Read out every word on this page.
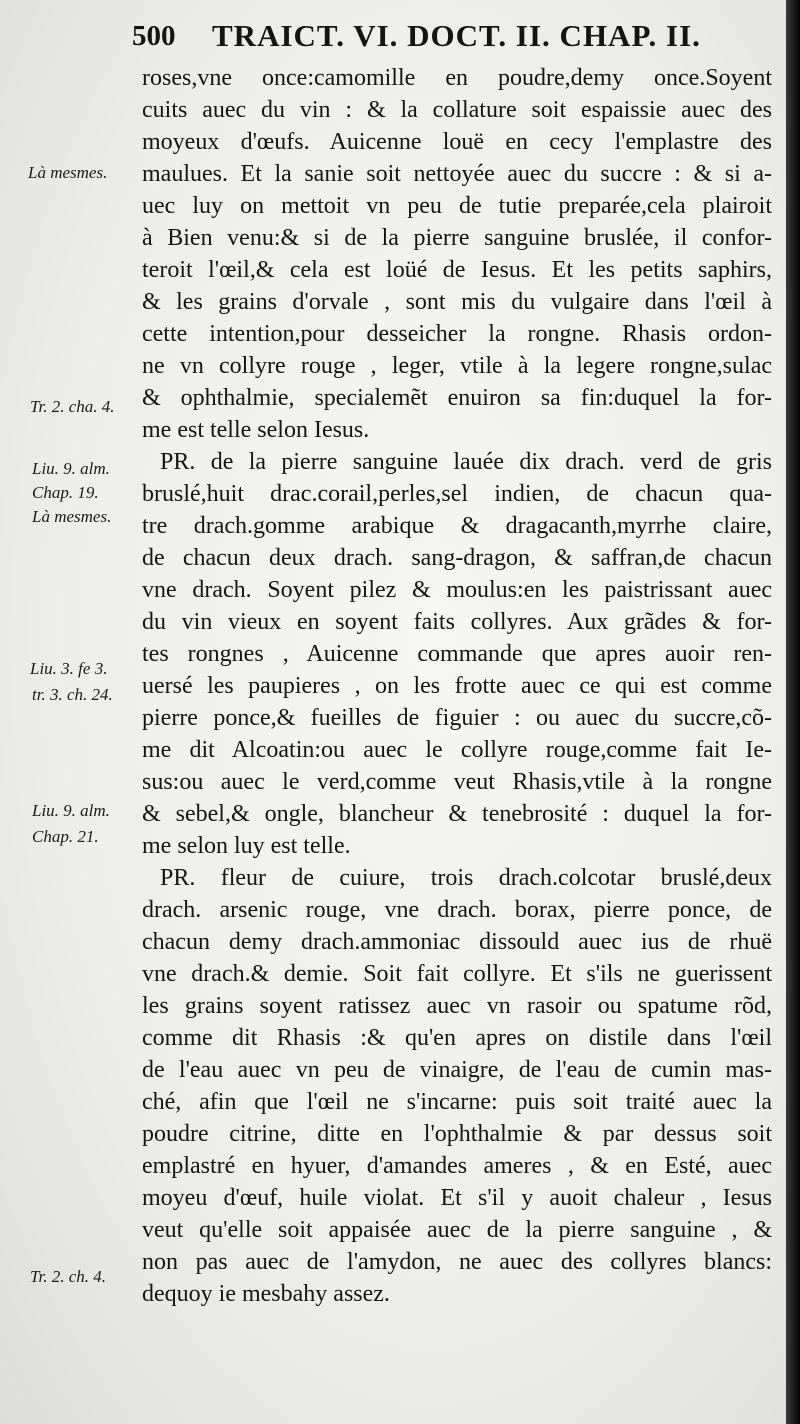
500 TRAICT. VI. DOCT. II. CHAP. II.
roses,vne once:camomille en poudre,demy once.Soyent
cuits auec du vin : & la collature soit espaissie auec des
moyeux d'œufs. Auicenne louë en cecy l'emplastre des
maulues. Et la sanie soit nettoyée auec du succre : & si a-
uec luy on mettoit vn peu de tutie preparée,cela plairoit
à Bien venu:& si de la pierre sanguine bruslée, il confor-
teroit l'œil,& cela est loüé de Iesus. Et les petits saphirs,
& les grains d'orvale , sont mis du vulgaire dans l'œil à
cette intention,pour desseicher la rongne. Rhasis ordon-
ne vn collyre rouge , leger, vtile à la legere rongne,sulac
& ophthalmie, specialemẽt enuiron sa fin:duquel la for-
me est telle selon Iesus.
PR. de la pierre sanguine lauée dix drach. verd de gris
bruslé,huit drac.corail,perles,sel indien, de chacun qua-
tre drach.gomme arabique & dragacanth,myrrhe claire,
de chacun deux drach. sang-dragon, & saffran,de chacun
vne drach. Soyent pilez & moulus:en les paistrissant auec
du vin vieux en soyent faits collyres. Aux grãdes & for-
tes rongnes , Auicenne commande que apres auoir ren-
uersé les paupieres , on les frotte auec ce qui est comme
pierre ponce,& fueilles de figuier : ou auec du succre,cõ-
me dit Alcoatin:ou auec le collyre rouge,comme fait Ie-
sus:ou auec le verd,comme veut Rhasis,vtile à la rongne
& sebel,& ongle, blancheur & tenebrosité : duquel la for-
me selon luy est telle.
PR. fleur de cuiure, trois drach.colcotar bruslé,deux
drach. arsenic rouge, vne drach. borax, pierre ponce, de
chacun demy drach.ammoniac dissould auec ius de rhuë
vne drach.& demie. Soit fait collyre. Et s'ils ne guerissent
les grains soyent ratissez auec vn rasoir ou spatume rõd,
comme dit Rhasis :& qu'en apres on distile dans l'œil
de l'eau auec vn peu de vinaigre, de l'eau de cumin mas-
ché, afin que l'œil ne s'incarne: puis soit traité auec la
poudre citrine, ditte en l'ophthalmie & par dessus soit
emplastré en hyuer, d'amandes ameres , & en Esté, auec
moyeu d'œuf, huile violat. Et s'il y auoit chaleur , Iesus
veut qu'elle soit appaisée auec de la pierre sanguine , &
non pas auec de l'amydon, ne auec des collyres blancs:
dequoy ie mesbahy assez.
Là mesmes.
Tr. 2. cha. 4.
Liu. 9. alm.
Chap. 19.
Là mesmes.
Liu. 3. fe 3.
tr. 3. ch. 24.
Liu. 9. alm.
Chap. 21.
Tr. 2. ch. 4.
